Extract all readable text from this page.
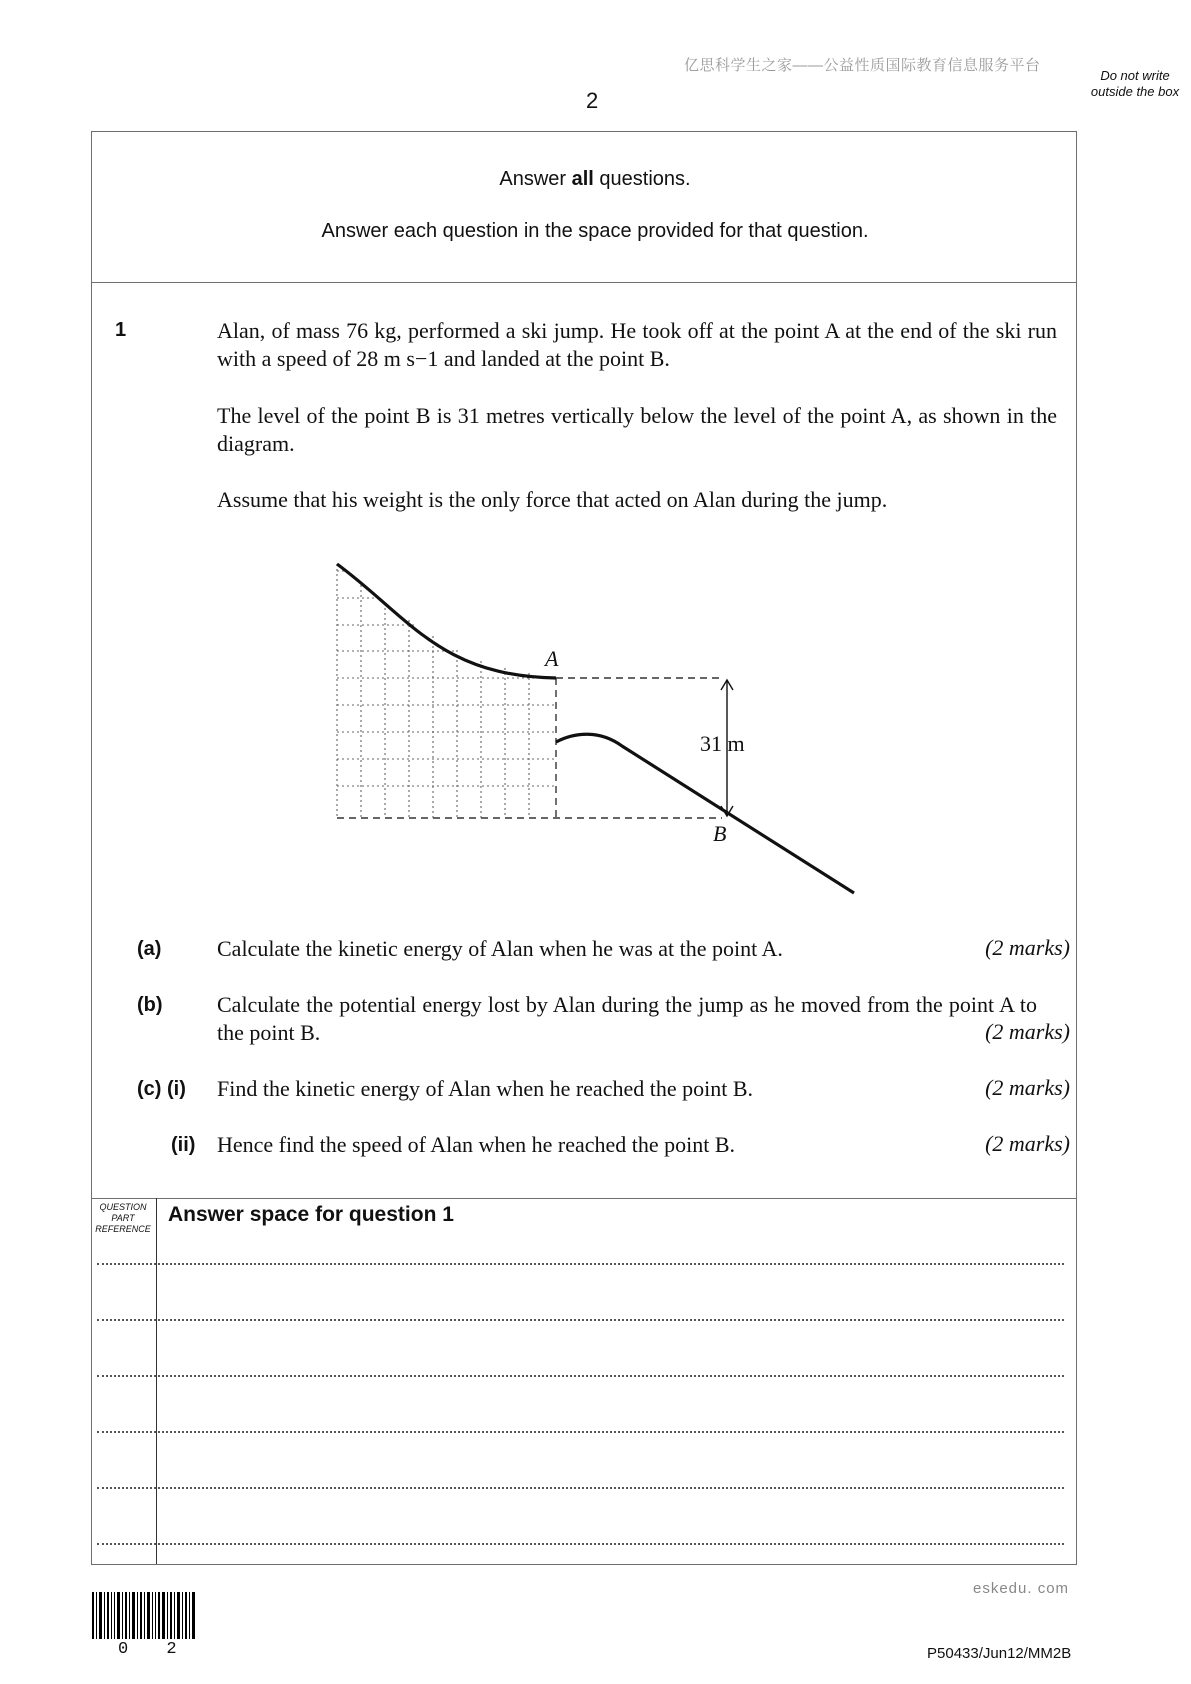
亿思科学生之家——公益性质国际教育信息服务平台
2
Do not write outside the box
Answer all questions.
Answer each question in the space provided for that question.
1	Alan, of mass 76 kg, performed a ski jump. He took off at the point A at the end of the ski run with a speed of 28 m s−1 and landed at the point B.
The level of the point B is 31 metres vertically below the level of the point A, as shown in the diagram.
Assume that his weight is the only force that acted on Alan during the jump.
A
B
31 m
(a)	Calculate the kinetic energy of Alan when he was at the point A.	(2 marks)
(b) Calculate the potential energy lost by Alan during the jump as he moved from the point A to the point B.	(2 marks)
(c) (i) Find the kinetic energy of Alan when he reached the point B.	(2 marks)
(ii) Hence find the speed of Alan when he reached the point B.	(2 marks)
QUESTION PART REFERENCE
Answer space for question 1
eskedu. com
0 2	P50433/Jun12/MM2B
